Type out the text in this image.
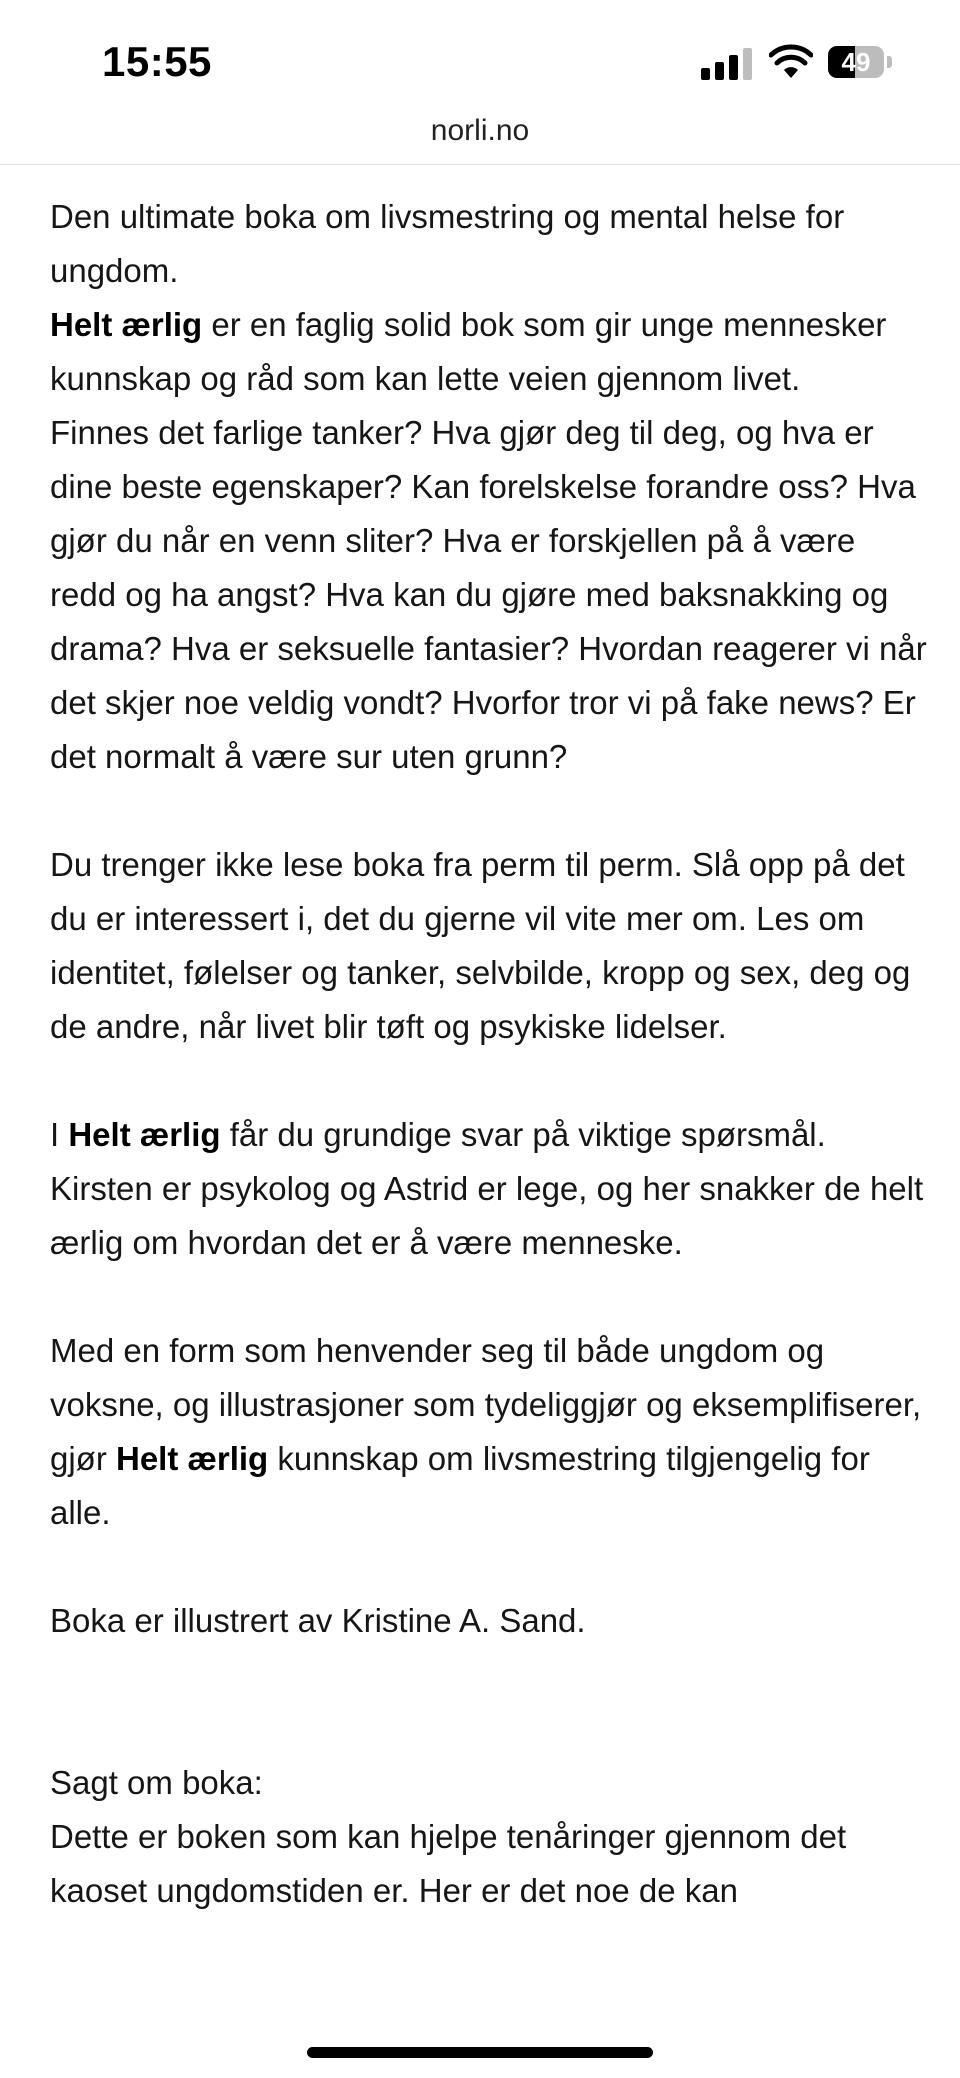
15:55	49
norli.no

Den ultimate boka om livsmestring og mental helse for ungdom.

Helt ærlig er en faglig solid bok som gir unge mennesker kunnskap og råd som kan lette veien gjennom livet.

Finnes det farlige tanker? Hva gjør deg til deg, og hva er dine beste egenskaper? Kan forelskelse forandre oss? Hva gjør du når en venn sliter? Hva er forskjellen på å være redd og ha angst? Hva kan du gjøre med baksnakking og drama? Hva er seksuelle fantasier? Hvordan reagerer vi når det skjer noe veldig vondt? Hvorfor tror vi på fake news? Er det normalt å være sur uten grunn?

Du trenger ikke lese boka fra perm til perm. Slå opp på det du er interessert i, det du gjerne vil vite mer om. Les om identitet, følelser og tanker, selvbilde, kropp og sex, deg og de andre, når livet blir tøft og psykiske lidelser.

I Helt ærlig får du grundige svar på viktige spørsmål. Kirsten er psykolog og Astrid er lege, og her snakker de helt ærlig om hvordan det er å være menneske.

Med en form som henvender seg til både ungdom og voksne, og illustrasjoner som tydeliggjør og eksemplifiserer, gjør Helt ærlig kunnskap om livsmestring tilgjengelig for alle.

Boka er illustrert av Kristine A. Sand.

Sagt om boka:

Dette er boken som kan hjelpe tenåringer gjennom det kaoset ungdomstiden er. Her er det noe de kan
